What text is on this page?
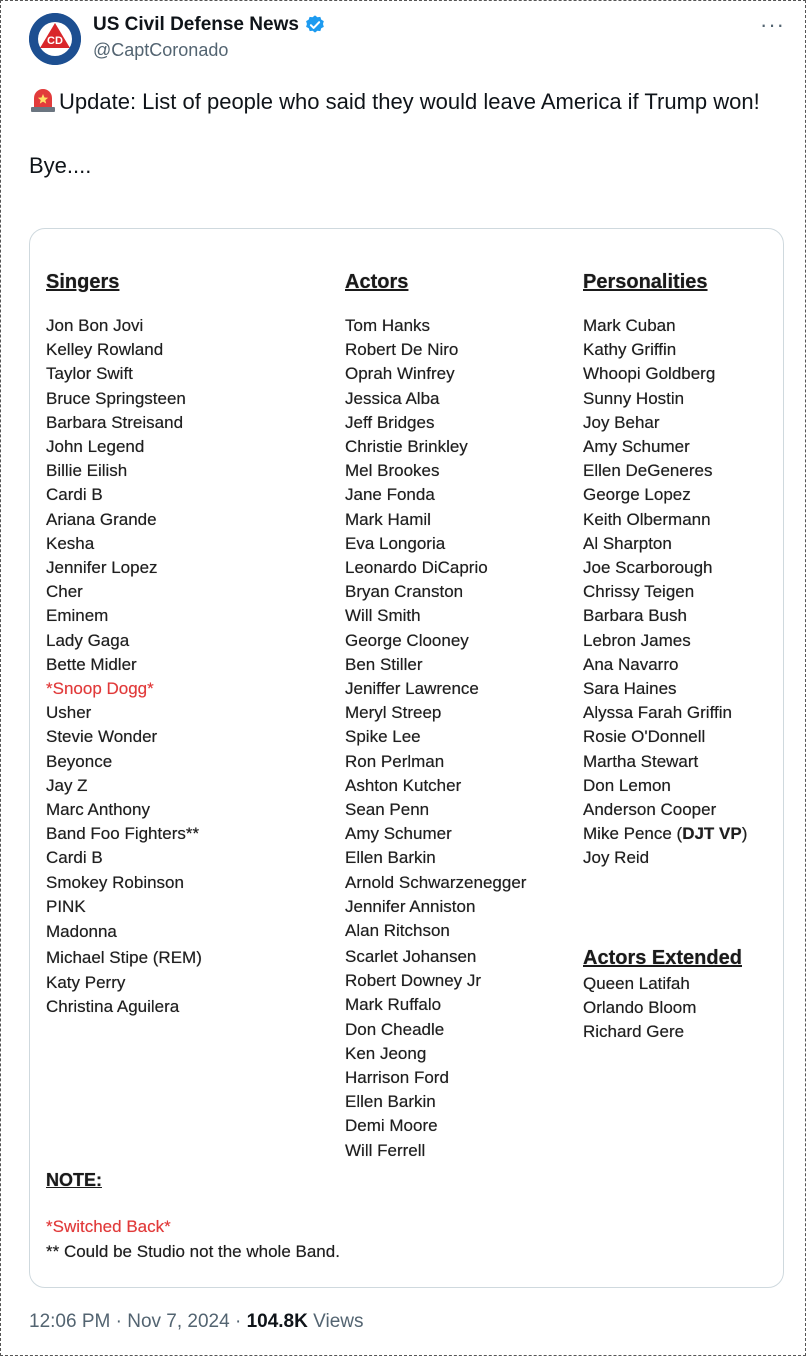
CD
US Civil Defense News
@CaptCoronado
···
Update: List of people who said they would leave America if Trump won!
Bye....
Singers
Jon Bon Jovi
Kelley Rowland
Taylor Swift
Bruce Springsteen
Barbara Streisand
John Legend
Billie Eilish
Cardi B
Ariana Grande
Kesha
Jennifer Lopez
Cher
Eminem
Lady Gaga
Bette Midler
*Snoop Dogg*
Usher
Stevie Wonder
Beyonce
Jay Z
Marc Anthony
Band Foo Fighters**
Cardi B
Smokey Robinson
PINK
Madonna
Michael Stipe (REM)
Katy Perry
Christina Aguilera
Actors
Tom Hanks
Robert De Niro
Oprah Winfrey
Jessica Alba
Jeff Bridges
Christie Brinkley
Mel Brookes
Jane Fonda
Mark Hamil
Eva Longoria
Leonardo DiCaprio
Bryan Cranston
Will Smith
George Clooney
Ben Stiller
Jeniffer Lawrence
Meryl Streep
Spike Lee
Ron Perlman
Ashton Kutcher
Sean Penn
Amy Schumer
Ellen Barkin
Arnold Schwarzenegger
Jennifer Anniston
Alan Ritchson
Scarlet Johansen
Robert Downey Jr
Mark Ruffalo
Don Cheadle
Ken Jeong
Harrison Ford
Ellen Barkin
Demi Moore
Will Ferrell
Personalities
Mark Cuban
Kathy Griffin
Whoopi Goldberg
Sunny Hostin
Joy Behar
Amy Schumer
Ellen DeGeneres
George Lopez
Keith Olbermann
Al Sharpton
Joe Scarborough
Chrissy Teigen
Barbara Bush
Lebron James
Ana Navarro
Sara Haines
Alyssa Farah Griffin
Rosie O'Donnell
Martha Stewart
Don Lemon
Anderson Cooper
Mike Pence (DJT VP)
Joy Reid
Actors Extended
Queen Latifah
Orlando Bloom
Richard Gere
NOTE:
*Switched Back*
** Could be Studio not the whole Band.
12:06 PM · Nov 7, 2024 · 104.8K Views
